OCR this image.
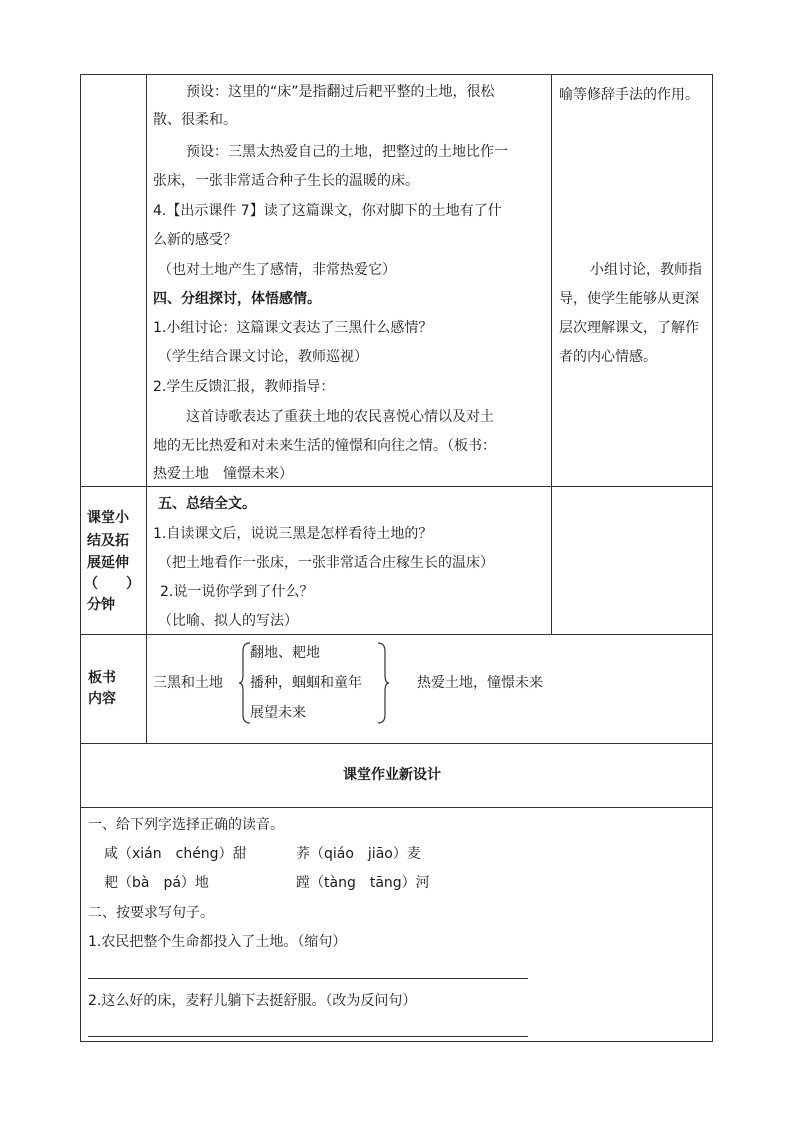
预设：这里的“床”是指翻过后耙平整的土地，很松
散、很柔和。
预设：三黑太热爱自己的土地，把整过的土地比作一
张床，一张非常适合种子生长的温暖的床。
4.【出示课件 7】读了这篇课文，你对脚下的土地有了什
么新的感受？
（也对土地产生了感情，非常热爱它）
四、分组探讨，体悟感情。
1.小组讨论：这篇课文表达了三黑什么感情？
（学生结合课文讨论，教师巡视）
2.学生反馈汇报，教师指导：
这首诗歌表达了重获土地的农民喜悦心情以及对土
地的无比热爱和对未来生活的憧憬和向往之情。（板书：
热爱土地　憧憬未来）
喻等修辞手法的作用。
小组讨论，教师指
导，使学生能够从更深
层次理解课文，了解作
者的内心情感。
课堂小
结及拓
展延伸
（　　）
分钟
五、总结全文。
1.自读课文后，说说三黑是怎样看待土地的？
（把土地看作一张床，一张非常适合庄稼生长的温床）
2.说一说你学到了什么？
（比喻、拟人的写法）
板书
内容
三黑和土地
翻地、耙地
播种，蝈蝈和童年
展望未来
热爱土地，憧憬未来
课堂作业新设计
一、给下列字选择正确的读音。
咸（xián　chéng）甜	荞（qiáo　jiāo）麦
耙（bà　pá）地	蹚（tàng　tāng）河
二、按要求写句子。
1.农民把整个生命都投入了土地。（缩句）
2.这么好的床，麦籽儿躺下去挺舒服。（改为反问句）
